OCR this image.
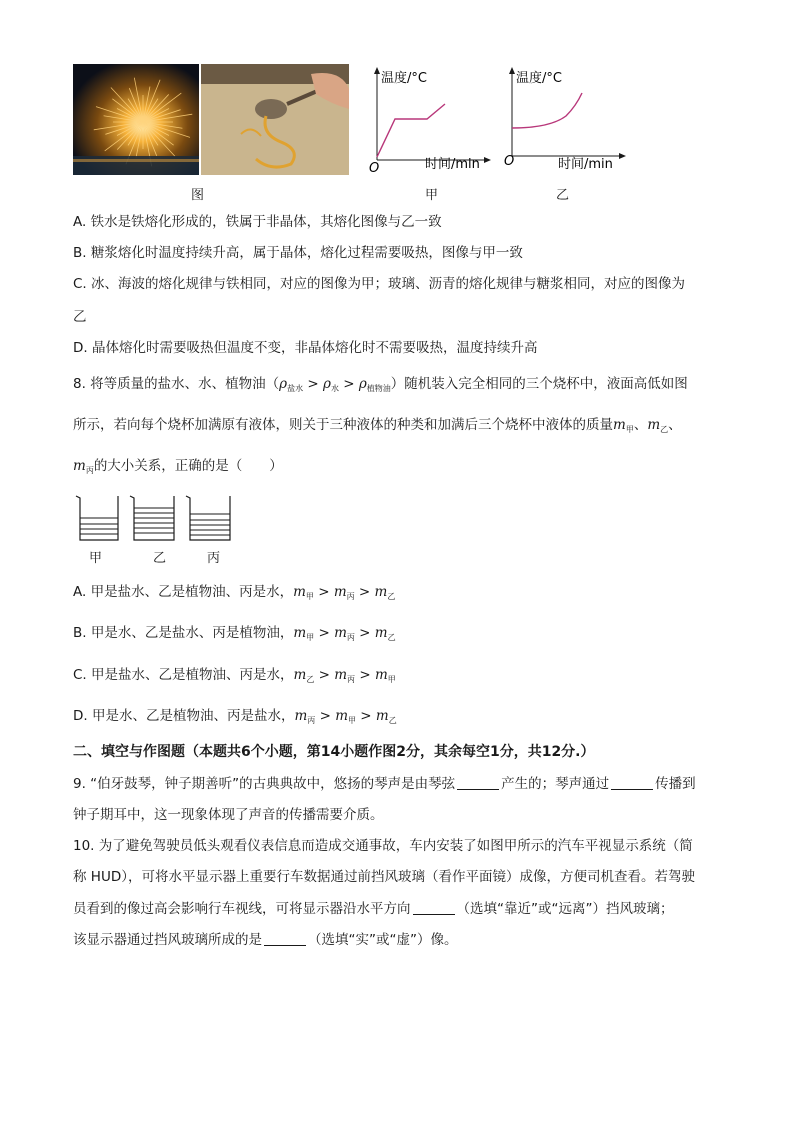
图
温度/°C
时间/min
O
甲
温度/°C
时间/min
O
乙
A. 铁水是铁熔化形成的，铁属于非晶体，其熔化图像与乙一致
B. 糖浆熔化时温度持续升高，属于晶体，熔化过程需要吸热，图像与甲一致
C. 冰、海波的熔化规律与铁相同，对应的图像为甲；玻璃、沥青的熔化规律与糖浆相同，对应的图像为
乙
D. 晶体熔化时需要吸热但温度不变，非晶体熔化时不需要吸热，温度持续升高
8. 将等质量的盐水、水、植物油$(\rho_{盐水} > \rho_水 > \rho_{植物油})$随机装入完全相同的三个烧杯中，液面高低如图
所示，若向每个烧杯加满原有液体，则关于三种液体的种类和加满后三个烧杯中液体的质量$m_甲$、$m_乙$、
$m_丙$的大小关系，正确的是（　　）
甲	乙	丙
A. 甲是盐水、乙是植物油、丙是水，$m_甲 > m_丙 > m_乙$
B. 甲是水、乙是盐水、丙是植物油，$m_甲 > m_丙 > m_乙$
C. 甲是盐水、乙是植物油、丙是水，$m_乙 > m_丙 > m_甲$
D. 甲是水、乙是植物油、丙是盐水，$m_丙 > m_甲 > m_乙$
二、填空与作图题（本题共6个小题，第14小题作图2分，其余每空1分，共12分.）
9. “伯牙鼓琴，钟子期善听”的古典典故中，悠扬的琴声是由琴弦	产生的；琴声通过	传播到
钟子期耳中，这一现象体现了声音的传播需要介质。
10. 为了避免驾驶员低头观看仪表信息而造成交通事故，车内安装了如图甲所示的汽车平视显示系统（简
称 HUD），可将水平显示器上重要行车数据通过前挡风玻璃（看作平面镜）成像，方便司机查看。若驾驶
员看到的像过高会影响行车视线，可将显示器沿水平方向	（选填“靠近”或“远离”）挡风玻璃；
该显示器通过挡风玻璃所成的是	（选填“实”或“虚”）像。
